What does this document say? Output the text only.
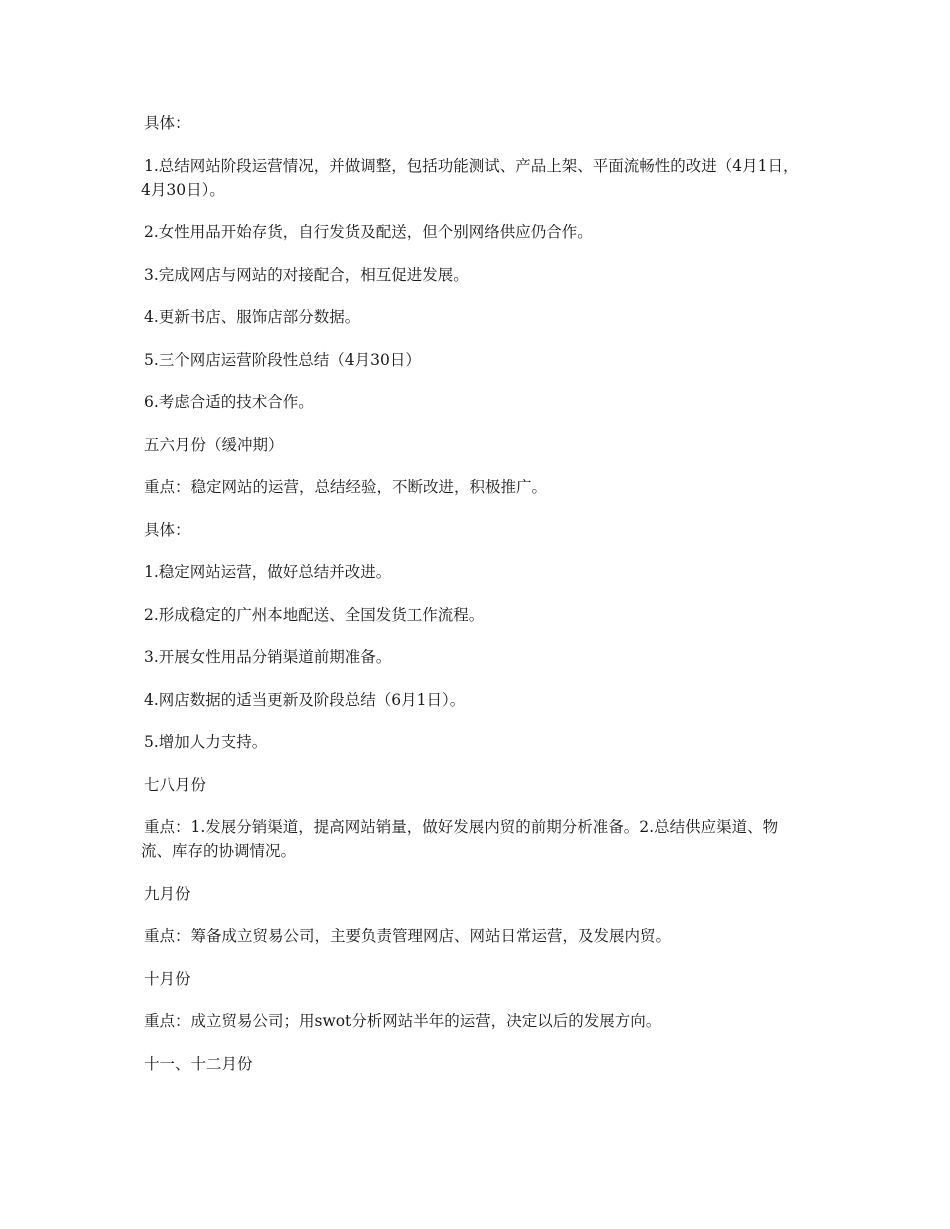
具体：

1.总结网站阶段运营情况，并做调整，包括功能测试、产品上架、平面流畅性的改进（4月1日，4月30日）。

2.女性用品开始存货，自行发货及配送，但个别网络供应仍合作。

3.完成网店与网站的对接配合，相互促进发展。

4.更新书店、服饰店部分数据。

5.三个网店运营阶段性总结（4月30日）

6.考虑合适的技术合作。

五六月份（缓冲期）

重点：稳定网站的运营，总结经验，不断改进，积极推广。

具体：

1.稳定网站运营，做好总结并改进。

2.形成稳定的广州本地配送、全国发货工作流程。

3.开展女性用品分销渠道前期准备。

4.网店数据的适当更新及阶段总结（6月1日）。

5.增加人力支持。

七八月份

重点：1.发展分销渠道，提高网站销量，做好发展内贸的前期分析准备。2.总结供应渠道、物流、库存的协调情况。

九月份

重点：筹备成立贸易公司，主要负责管理网店、网站日常运营，及发展内贸。

十月份

重点：成立贸易公司；用swot分析网站半年的运营，决定以后的发展方向。

十一、十二月份
